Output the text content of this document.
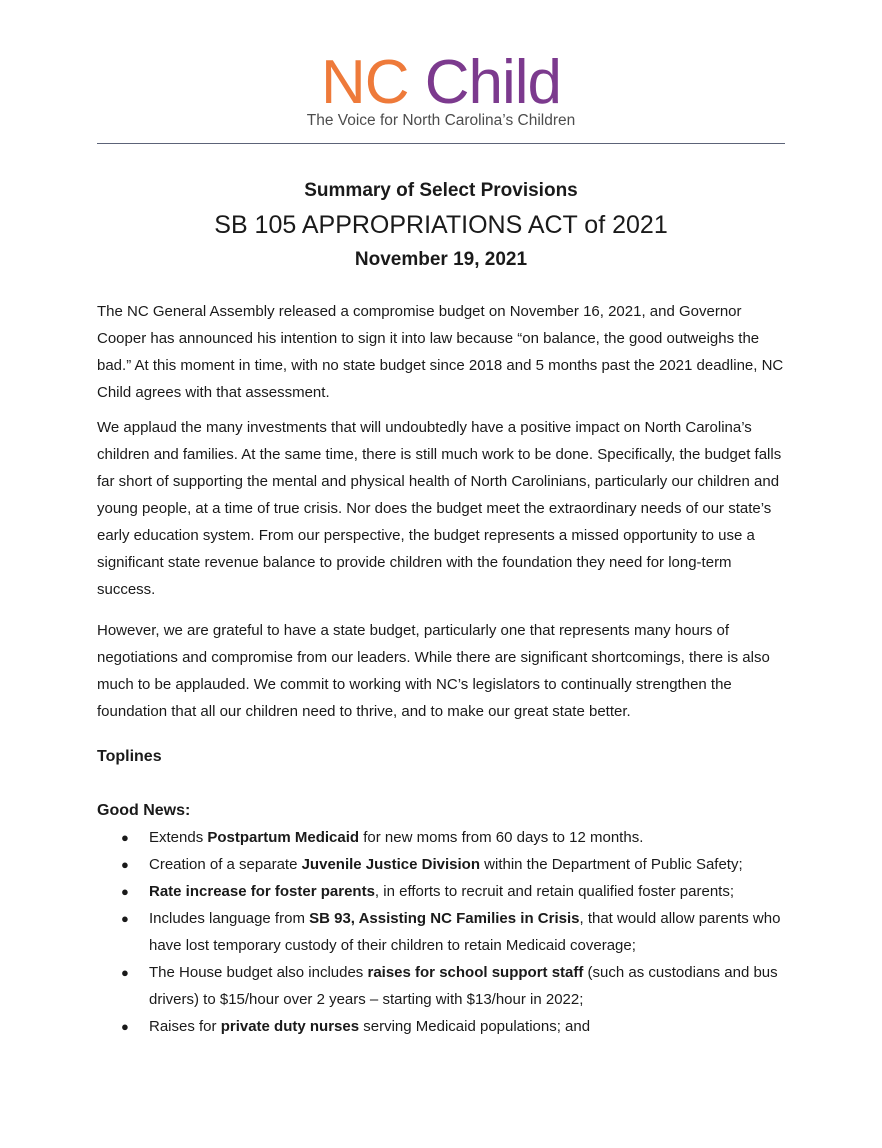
NC Child
The Voice for North Carolina’s Children
Summary of Select Provisions
SB 105 APPROPRIATIONS ACT of 2021
November 19, 2021

The NC General Assembly released a compromise budget on November 16, 2021, and Governor Cooper has announced his intention to sign it into law because “on balance, the good outweighs the bad.” At this moment in time, with no state budget since 2018 and 5 months past the 2021 deadline, NC Child agrees with that assessment.

We applaud the many investments that will undoubtedly have a positive impact on North Carolina’s children and families. At the same time, there is still much work to be done. Specifically, the budget falls far short of supporting the mental and physical health of North Carolinians, particularly our children and young people, at a time of true crisis. Nor does the budget meet the extraordinary needs of our state’s early education system. From our perspective, the budget represents a missed opportunity to use a significant state revenue balance to provide children with the foundation they need for long-term success.

However, we are grateful to have a state budget, particularly one that represents many hours of negotiations and compromise from our leaders. While there are significant shortcomings, there is also much to be applauded. We commit to working with NC’s legislators to continually strengthen the foundation that all our children need to thrive, and to make our great state better.

Toplines
Good News:
● Extends Postpartum Medicaid for new moms from 60 days to 12 months.
● Creation of a separate Juvenile Justice Division within the Department of Public Safety;
● Rate increase for foster parents, in efforts to recruit and retain qualified foster parents;
● Includes language from SB 93, Assisting NC Families in Crisis, that would allow parents who have lost temporary custody of their children to retain Medicaid coverage;
● The House budget also includes raises for school support staff (such as custodians and bus drivers) to $15/hour over 2 years – starting with $13/hour in 2022;
● Raises for private duty nurses serving Medicaid populations; and
